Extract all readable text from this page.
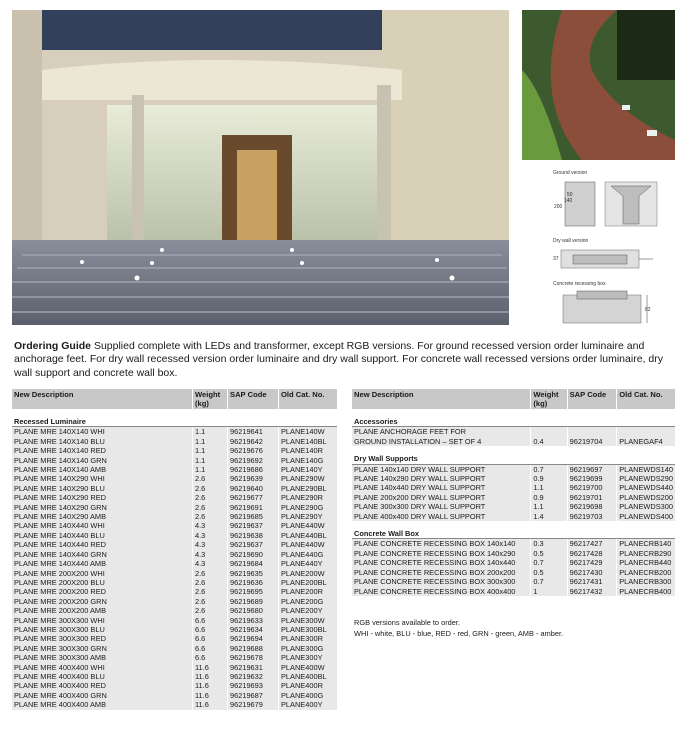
Ground version
50
140
200
Dry wall version
37
Concrete recessing box
82
Ordering Guide Supplied complete with LEDs and transformer, except RGB versions. For ground recessed version order luminaire and anchorage feet. For dry wall recessed version order luminaire and dry wall support. For concrete wall recessed versions order luminaire, dry wall support and concrete wall box.
New Description	Weight (kg)	SAP Code	Old Cat. No.

Recessed Luminaire			
PLANE MRE 140X140 WHI	1.1	96219641	PLANE140W
PLANE MRE 140X140 BLU	1.1	96219642	PLANE140BL
PLANE MRE 140X140 RED	1.1	96219676	PLANE140R
PLANE MRE 140X140 GRN	1.1	96219692	PLANE140G
PLANE MRE 140X140 AMB	1.1	96219686	PLANE140Y
PLANE MRE 140X290 WHI	2.6	96219639	PLANE290W
PLANE MRE 140X290 BLU	2.6	96219640	PLANE290BL
PLANE MRE 140X290 RED	2.6	96219677	PLANE290R
PLANE MRE 140X290 GRN	2.6	96219691	PLANE290G
PLANE MRE 140X290 AMB	2.6	96219685	PLANE290Y
PLANE MRE 140X440 WHI	4.3	96219637	PLANE440W
PLANE MRE 140X440 BLU	4.3	96219638	PLANE440BL
PLANE MRE 140X440 RED	4.3	96219637	PLANE440W
PLANE MRE 140X440 GRN	4.3	96219690	PLANE440G
PLANE MRE 140X440 AMB	4.3	96219684	PLANE440Y
PLANE MRE 200X200 WHI	2.6	96219635	PLANE200W
PLANE MRE 200X200 BLU	2.6	96219636	PLANE200BL
PLANE MRE 200X200 RED	2.6	96219695	PLANE200R
PLANE MRE 200X200 GRN	2.6	96219689	PLANE200G
PLANE MRE 200X200 AMB	2.6	96219680	PLANE200Y
PLANE MRE 300X300 WHI	6.6	96219633	PLANE300W
PLANE MRE 300X300 BLU	6.6	96219634	PLANE300BL
PLANE MRE 300X300 RED	6.6	96219694	PLANE300R
PLANE MRE 300X300 GRN	6.6	96219688	PLANE300G
PLANE MRE 300X300 AMB	6.6	96219678	PLANE300Y
PLANE MRE 400X400 WHI	11.6	96219631	PLANE400W
PLANE MRE 400X400 BLU	11.6	96219632	PLANE400BL
PLANE MRE 400X400 RED	11.6	96219693	PLANE400R
PLANE MRE 400X400 GRN	11.6	96219687	PLANE400G
PLANE MRE 400X400 AMB	11.6	96219679	PLANE400Y
New Description	Weight (kg)	SAP Code	Old Cat. No.

Accessories			
PLANE ANCHORAGE FEET FOR			
GROUND INSTALLATION – SET OF 4	0.4	96219704	PLANEGAF4

Dry Wall Supports			
PLANE 140x140 DRY WALL SUPPORT	0.7	96219697	PLANEWDS140
PLANE 140x290 DRY WALL SUPPORT	0.9	96219699	PLANEWDS290
PLANE 140x440 DRY WALL SUPPORT	1.1	96219700	PLANEWDS440
PLANE 200x200 DRY WALL SUPPORT	0.9	96219701	PLANEWDS200
PLANE 300x300 DRY WALL SUPPORT	1.1	96219698	PLANEWDS300
PLANE 400x400 DRY WALL SUPPORT	1.4	96219703	PLANEWDS400

Concrete Wall Box			
PLANE CONCRETE RECESSING BOX 140x140	0.3	96217427	PLANECRB140
PLANE CONCRETE RECESSING BOX 140x290	0.5	96217428	PLANECRB290
PLANE CONCRETE RECESSING BOX 140x440	0.7	96217429	PLANECRB440
PLANE CONCRETE RECESSING BOX 200x200	0.5	96217430	PLANECRB200
PLANE CONCRETE RECESSING BOX 300x300	0.7	96217431	PLANECRB300
PLANE CONCRETE RECESSING BOX 400x400	1	96217432	PLANECRB400
RGB versions available to order.
WHI - white, BLU - blue, RED - red, GRN - green, AMB - amber.
